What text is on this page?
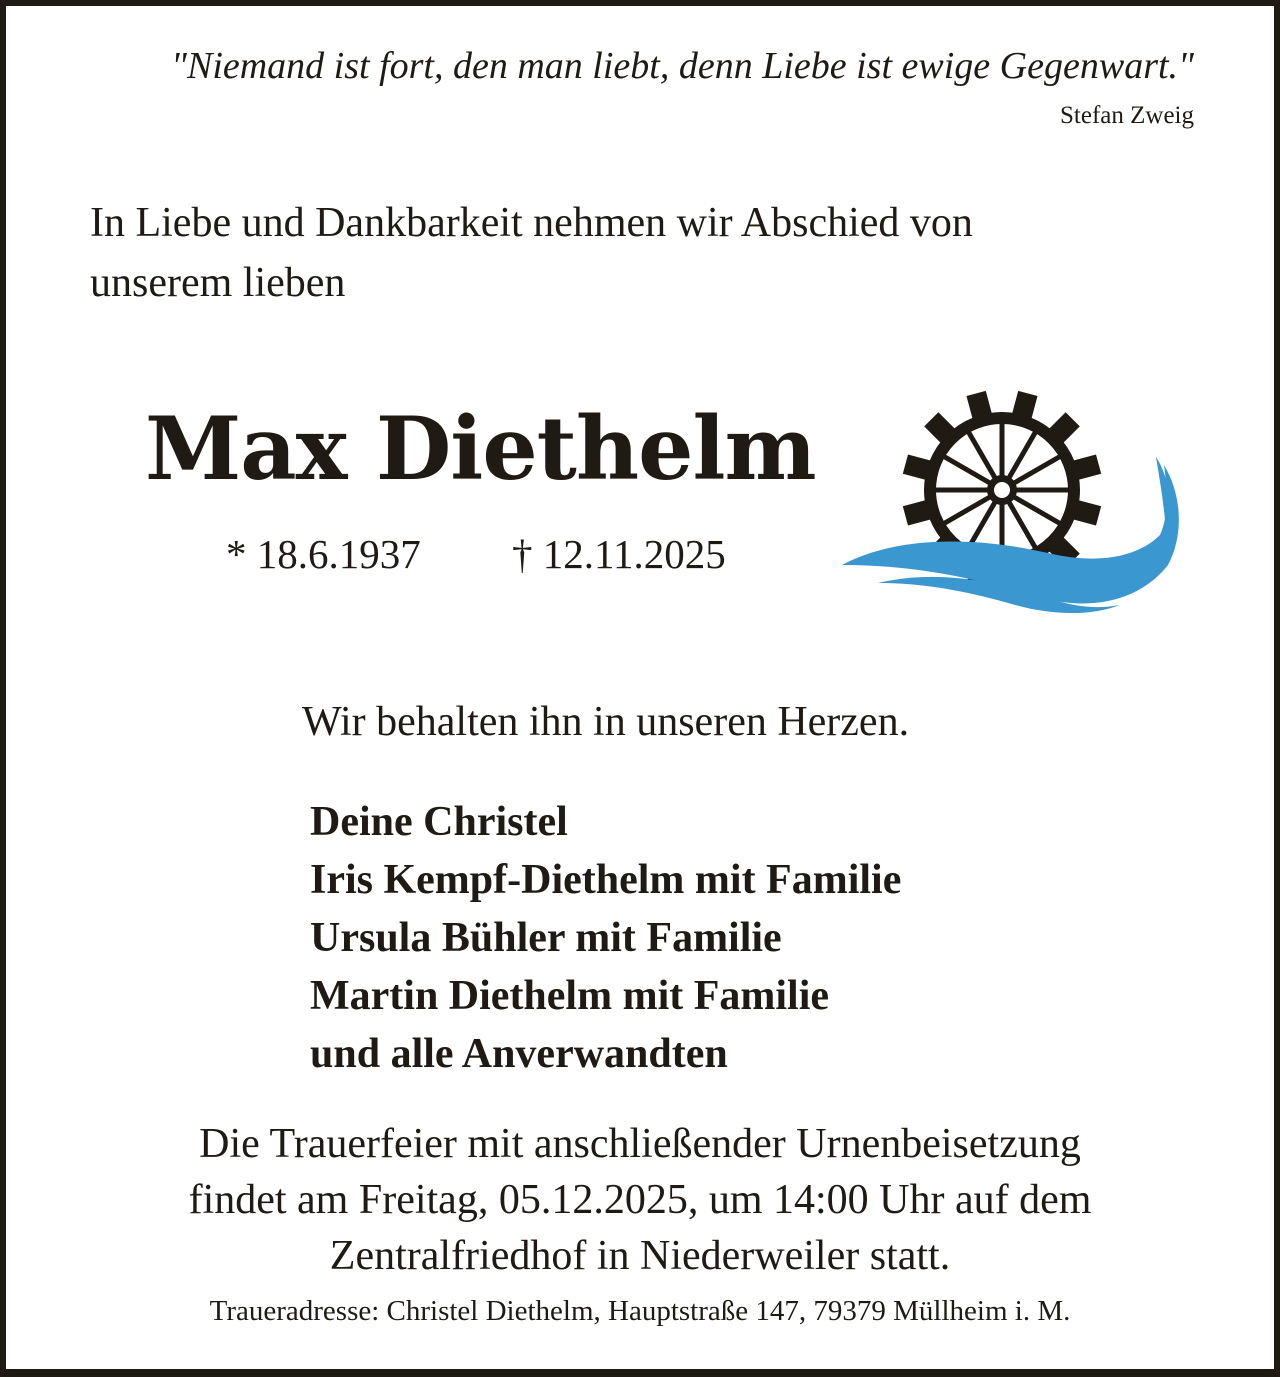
"Niemand ist fort, den man liebt, denn Liebe ist ewige Gegenwart."
Stefan Zweig
In Liebe und Dankbarkeit nehmen wir Abschied von
unserem lieben
Max Diethelm
* 18.6.1937 † 12.11.2025
Wir behalten ihn in unseren Herzen.
Deine Christel
Iris Kempf-Diethelm mit Familie
Ursula Bühler mit Familie
Martin Diethelm mit Familie
und alle Anverwandten
Die Trauerfeier mit anschließender Urnenbeisetzung
findet am Freitag, 05.12.2025, um 14:00 Uhr auf dem
Zentralfriedhof in Niederweiler statt.
Traueradresse: Christel Diethelm, Hauptstraße 147, 79379 Müllheim i. M.
